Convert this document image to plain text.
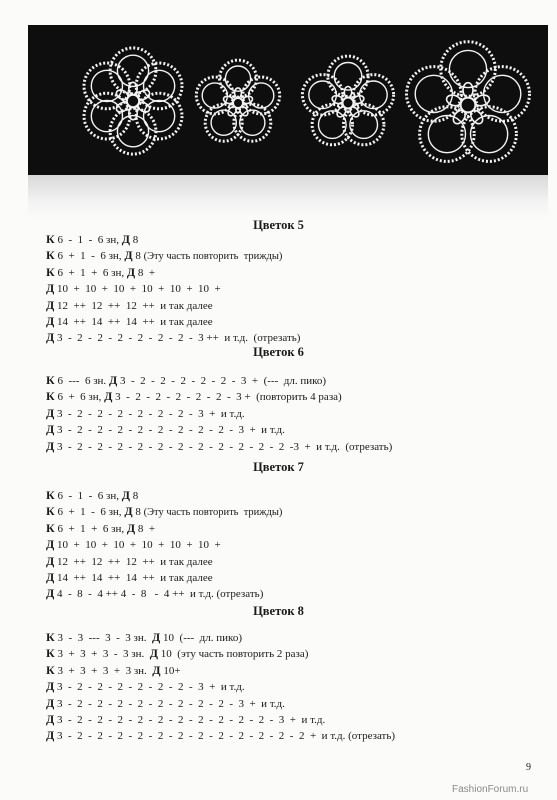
Цветок 5
К 6  -  1  -  6 зн, Д 8
К 6  +  1  -  6 зн, Д 8 (Эту часть повторить  трижды)
К 6  +  1  +  6 зн, Д 8  +
Д 10  +  10  +  10  +  10  +  10  +  10  +
Д 12  ++  12  ++  12  ++  и так далее
Д 14  ++  14  ++  14  ++  и так далее
Д 3  -  2  -  2  -  2  -  2  -  2  -  2  -  3 ++  и т.д.  (отрезать)
Цветок 6
К 6  ---  6 зн. Д 3  -  2  -  2  -  2  -  2  -  2  -  3  +  (---  дл. пико)
К 6  +  6 зн, Д 3  -  2  -  2  -  2  -  2  -  2  -  3 +  (повторить 4 раза)
Д 3  -  2  -  2  -  2  -  2  -  2  -  2  -  3  +  и т.д.
Д 3  -  2  -  2  -  2  -  2  -  2  -  2  -  2  -  2  -  3  +  и т.д.
Д 3  -  2  -  2  -  2  -  2  -  2  -  2  -  2  -  2  -  2  -  2  -  2  -3  +  и т.д.  (отрезать)
Цветок 7
К 6  -  1  -  6 зн, Д 8
К 6  +  1  -  6 зн, Д 8 (Эту часть повторить  трижды)
К 6  +  1  +  6 зн, Д 8  +
Д 10  +  10  +  10  +  10  +  10  +  10  +
Д 12  ++  12  ++  12  ++  и так далее
Д 14  ++  14  ++  14  ++  и так далее
Д 4  -  8  -  4 ++ 4  -  8   -  4 ++  и т.д. (отрезать)
Цветок 8
К 3  -  3  ---  3  -  3 зн.  Д 10  (---  дл. пико)
К 3  +  3  +  3  -  3 зн.  Д 10  (эту часть повторить 2 раза)
К 3  +  3  +  3  +  3 зн.  Д 10+
Д 3  -  2  -  2  -  2  -  2  -  2  -  2  -  3  +  и т.д.
Д 3  -  2  -  2  -  2  -  2  -  2  -  2  -  2  -  2  -  3  +  и т.д.
Д 3  -  2  -  2  -  2  -  2  -  2  -  2  -  2  -  2  -  2  -  2  -  3  +  и т.д.
Д 3  -  2  -  2  -  2  -  2  -  2  -  2  -  2  -  2  -  2  -  2  -  2  -  2  +  и т.д. (отрезать)
9
FashionForum.ru
